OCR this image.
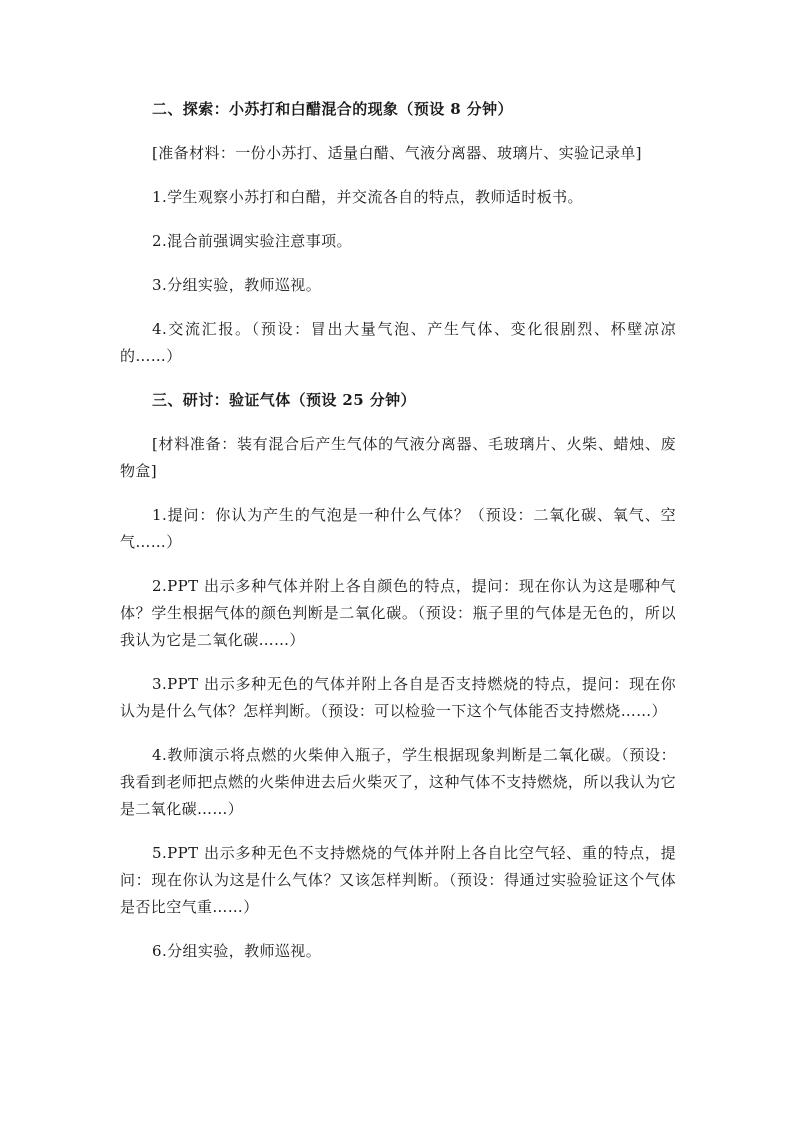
二、探索：小苏打和白醋混合的现象（预设 8 分钟）

[准备材料：一份小苏打、适量白醋、气液分离器、玻璃片、实验记录单]

1.学生观察小苏打和白醋，并交流各自的特点，教师适时板书。

2.混合前强调实验注意事项。

3.分组实验，教师巡视。

4.交流汇报。（预设：冒出大量气泡、产生气体、变化很剧烈、杯壁凉凉的……）

三、研讨：验证气体（预设 25 分钟）

[材料准备：装有混合后产生气体的气液分离器、毛玻璃片、火柴、蜡烛、废物盒]

1.提问：你认为产生的气泡是一种什么气体？（预设：二氧化碳、氧气、空气……）

2.PPT 出示多种气体并附上各自颜色的特点，提问：现在你认为这是哪种气体？学生根据气体的颜色判断是二氧化碳。（预设：瓶子里的气体是无色的，所以我认为它是二氧化碳……）

3.PPT 出示多种无色的气体并附上各自是否支持燃烧的特点，提问：现在你认为是什么气体？怎样判断。（预设：可以检验一下这个气体能否支持燃烧……）

4.教师演示将点燃的火柴伸入瓶子，学生根据现象判断是二氧化碳。（预设：我看到老师把点燃的火柴伸进去后火柴灭了，这种气体不支持燃烧，所以我认为它是二氧化碳……）

5.PPT 出示多种无色不支持燃烧的气体并附上各自比空气轻、重的特点，提问：现在你认为这是什么气体？又该怎样判断。（预设：得通过实验验证这个气体是否比空气重……）

6.分组实验，教师巡视。
